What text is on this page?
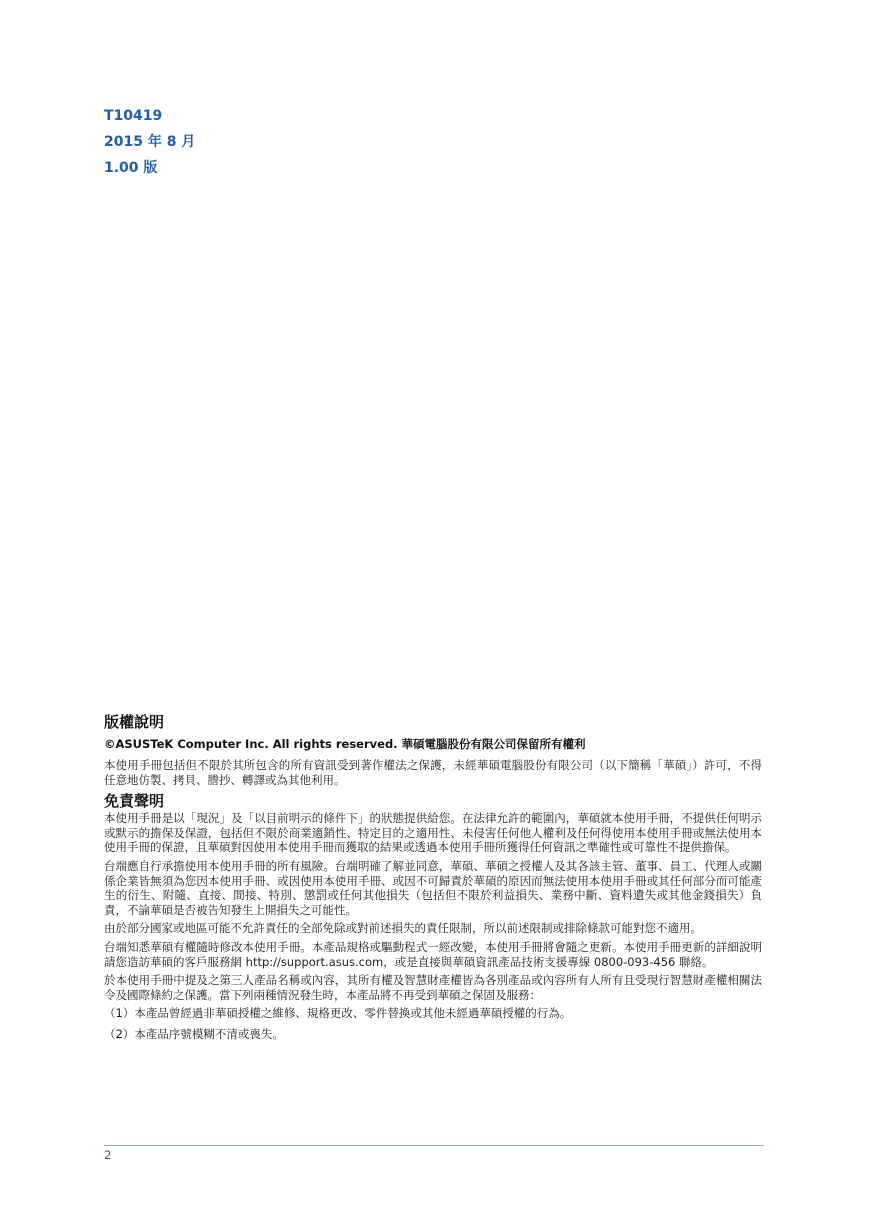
T10419
2015 年 8 月
1.00 版
版權說明
©ASUSTeK Computer Inc. All rights reserved. 華碩電腦股份有限公司保留所有權利

本使用手冊包括但不限於其所包含的所有資訊受到著作權法之保護，未經華碩電腦股份有限公司（以下簡稱「華碩」）許可，不得任意地仿製、拷貝、謄抄、轉譯或為其他利用。

免責聲明

本使用手冊是以「現況」及「以目前明示的條件下」的狀態提供給您。在法律允許的範圍內，華碩就本使用手冊，不提供任何明示或默示的擔保及保證，包括但不限於商業適銷性、特定目的之適用性、未侵害任何他人權利及任何得使用本使用手冊或無法使用本使用手冊的保證，且華碩對因使用本使用手冊而獲取的結果或透過本使用手冊所獲得任何資訊之準確性或可靠性不提供擔保。

台端應自行承擔使用本使用手冊的所有風險。台端明確了解並同意，華碩、華碩之授權人及其各該主管、董事、員工、代理人或關係企業皆無須為您因本使用手冊、或因使用本使用手冊、或因不可歸責於華碩的原因而無法使用本使用手冊或其任何部分而可能產生的衍生、附隨、直接、間接、特別、懲罰或任何其他損失（包括但不限於利益損失、業務中斷、資料遺失或其他金錢損失）負責，不論華碩是否被告知發生上開損失之可能性。

由於部分國家或地區可能不允許責任的全部免除或對前述損失的責任限制，所以前述限制或排除條款可能對您不適用。

台端知悉華碩有權隨時修改本使用手冊。本產品規格或驅動程式一經改變，本使用手冊將會隨之更新。本使用手冊更新的詳細說明請您造訪華碩的客戶服務網 http://support.asus.com，或是直接與華碩資訊產品技術支援專線 0800-093-456 聯絡。

於本使用手冊中提及之第三人產品名稱或內容，其所有權及智慧財產權皆為各別產品或內容所有人所有且受現行智慧財產權相關法令及國際條約之保護。當下列兩種情況發生時，本產品將不再受到華碩之保固及服務：

（1）本產品曾經過非華碩授權之維修、規格更改、零件替換或其他未經過華碩授權的行為。

（2）本產品序號模糊不清或喪失。

2
